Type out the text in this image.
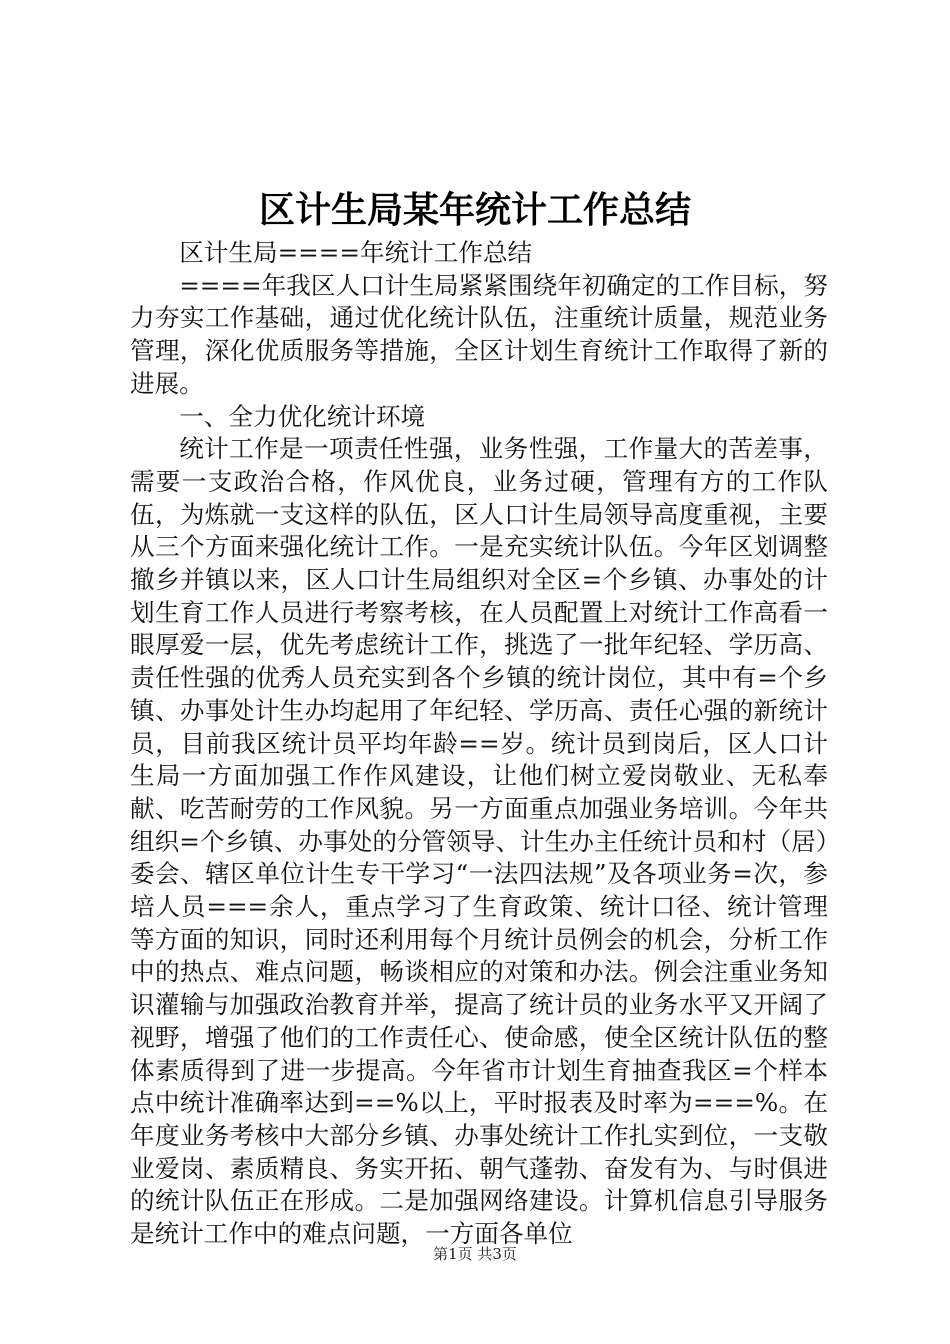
区计生局某年统计工作总结

区计生局====年统计工作总结

====年我区人口计生局紧紧围绕年初确定的工作目标，努力夯实工作基础，通过优化统计队伍，注重统计质量，规范业务管理，深化优质服务等措施，全区计划生育统计工作取得了新的进展。

一、全力优化统计环境

统计工作是一项责任性强，业务性强，工作量大的苦差事，需要一支政治合格，作风优良，业务过硬，管理有方的工作队伍，为炼就一支这样的队伍，区人口计生局领导高度重视，主要从三个方面来强化统计工作。一是充实统计队伍。今年区划调整撤乡并镇以来，区人口计生局组织对全区=个乡镇、办事处的计划生育工作人员进行考察考核，在人员配置上对统计工作高看一眼厚爱一层，优先考虑统计工作，挑选了一批年纪轻、学历高、责任性强的优秀人员充实到各个乡镇的统计岗位，其中有=个乡镇、办事处计生办均起用了年纪轻、学历高、责任心强的新统计员，目前我区统计员平均年龄==岁。统计员到岗后，区人口计生局一方面加强工作作风建设，让他们树立爱岗敬业、无私奉献、吃苦耐劳的工作风貌。另一方面重点加强业务培训。今年共组织=个乡镇、办事处的分管领导、计生办主任统计员和村（居）委会、辖区单位计生专干学习“一法四法规”及各项业务=次，参培人员===余人，重点学习了生育政策、统计口径、统计管理等方面的知识，同时还利用每个月统计员例会的机会，分析工作中的热点、难点问题，畅谈相应的对策和办法。例会注重业务知识灌输与加强政治教育并举，提高了统计员的业务水平又开阔了视野，增强了他们的工作责任心、使命感，使全区统计队伍的整体素质得到了进一步提高。今年省市计划生育抽查我区=个样本点中统计准确率达到==%以上，平时报表及时率为===%。在年度业务考核中大部分乡镇、办事处统计工作扎实到位，一支敬业爱岗、素质精良、务实开拓、朝气蓬勃、奋发有为、与时俱进的统计队伍正在形成。二是加强网络建设。计算机信息引导服务是统计工作中的难点问题，一方面各单位

第1页 共3页
